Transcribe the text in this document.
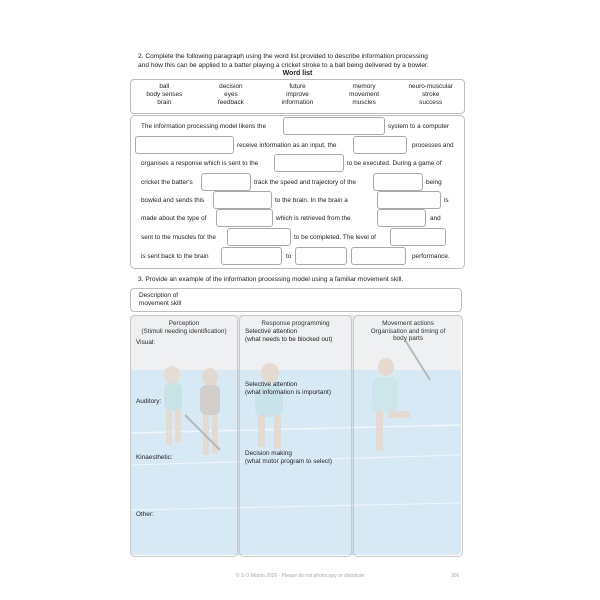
2. Complete the following paragraph using the word list provided to describe information processing
and how this can be applied to a batter playing a cricket stroke to a ball being delivered by a bowler.
Word list
ball	decision	future	memory	neuro-muscular
body senses	eyes	improve	movement	stroke
brain	feedback	information	muscles	success
The information processing model likens the	system to a computer
receive information as an input, the	processes and
organises a response which is sent to the	to be executed. During a game of
cricket the batter's	track the speed and trajectory of the	being
bowled and sends this	to the brain. In the brain a	is
made about the type of	which is retrieved from the	and
sent to the muscles for the	to be completed. The level of
is sent back to the brain	to	performance.
3. Provide an example of the information processing model using a familiar movement skill.
Description of
movement skill
Perception
(Stimuli needing identification)
Visual:
Auditory:
Kinaesthetic:
Other:
Response programming
Selective attention
(what needs to be blocked out)
Selective attention
(what information is important)
Decision making
(what motor program to select)
Movement actions
Organisation and timing of
body parts
© S O Martin 2026 - Please do not photocopy or distribute	306
